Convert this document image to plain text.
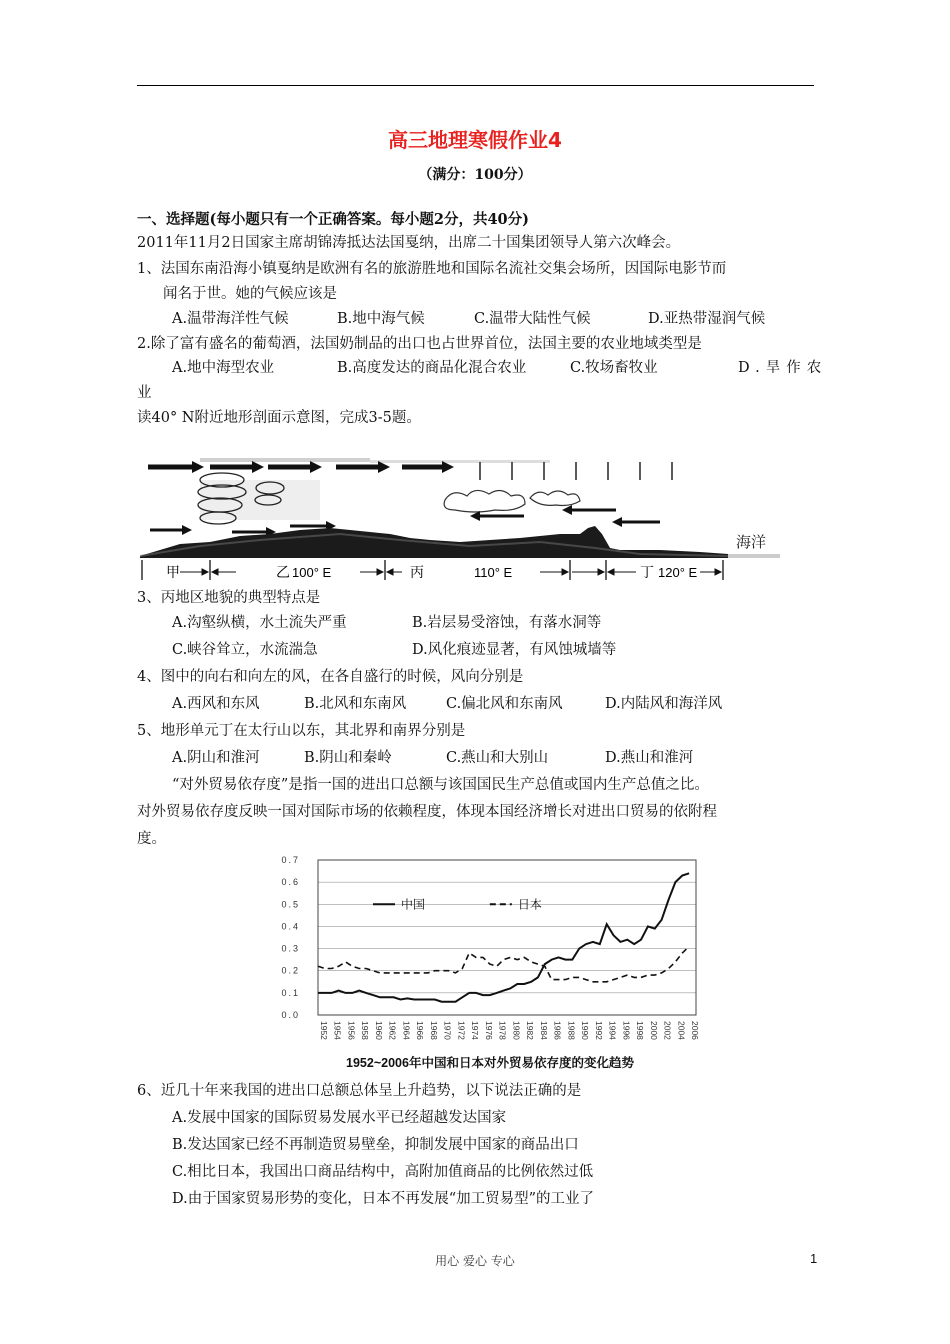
高三地理寒假作业4
（满分：100分）
一、选择题(每小题只有一个正确答案。每小题2分，共40分)
2011年11月2日国家主席胡锦涛抵达法国戛纳，出席二十国集团领导人第六次峰会。
1、法国东南沿海小镇戛纳是欧洲有名的旅游胜地和国际名流社交集会场所，因国际电影节而
闻名于世。她的气候应该是
A.温带海洋性气候	B.地中海气候	C.温带大陆性气候	D.亚热带湿润气候
2.除了富有盛名的葡萄酒，法国奶制品的出口也占世界首位，法国主要的农业地域类型是
A.地中海型农业	B.高度发达的商品化混合农业	C.牧场畜牧业	D.旱作农
业
读40° N附近地形剖面示意图，完成3-5题。
海洋
甲	乙 100° E	丙	110° E	丁 120° E
3、丙地区地貌的典型特点是
A.沟壑纵横，水土流失严重	B.岩层易受溶蚀，有落水洞等
C.峡谷耸立，水流湍急	D.风化痕迹显著，有风蚀城墙等
4、图中的向右和向左的风，在各自盛行的时候，风向分别是
A.西风和东风	B.北风和东南风	C.偏北风和东南风	D.内陆风和海洋风
5、地形单元丁在太行山以东，其北界和南界分别是
A.阴山和淮河	B.阴山和秦岭	C.燕山和大别山	D.燕山和淮河
“对外贸易依存度”是指一国的进出口总额与该国国民生产总值或国内生产总值之比。
对外贸易依存度反映一国对国际市场的依赖程度，体现本国经济增长对进出口贸易的依附程
度。
0.7
0.6
0.5
0.4
0.3
0.2
0.1
0.0
1952 1954 1956 1958 1960 1962 1964 1966 1968 1970 1972 1974 1976 1978 1980 1982 1984 1986 1988 1990 1992 1994 1996 1998 2000 2002 2004 2006
中国	日本
1952~2006年中国和日本对外贸易依存度的变化趋势
6、近几十年来我国的进出口总额总体呈上升趋势，以下说法正确的是
A.发展中国家的国际贸易发展水平已经超越发达国家
B.发达国家已经不再制造贸易壁垒，抑制发展中国家的商品出口
C.相比日本，我国出口商品结构中，高附加值商品的比例依然过低
D.由于国家贸易形势的变化，日本不再发展“加工贸易型”的工业了
用心 爱心 专心	1
